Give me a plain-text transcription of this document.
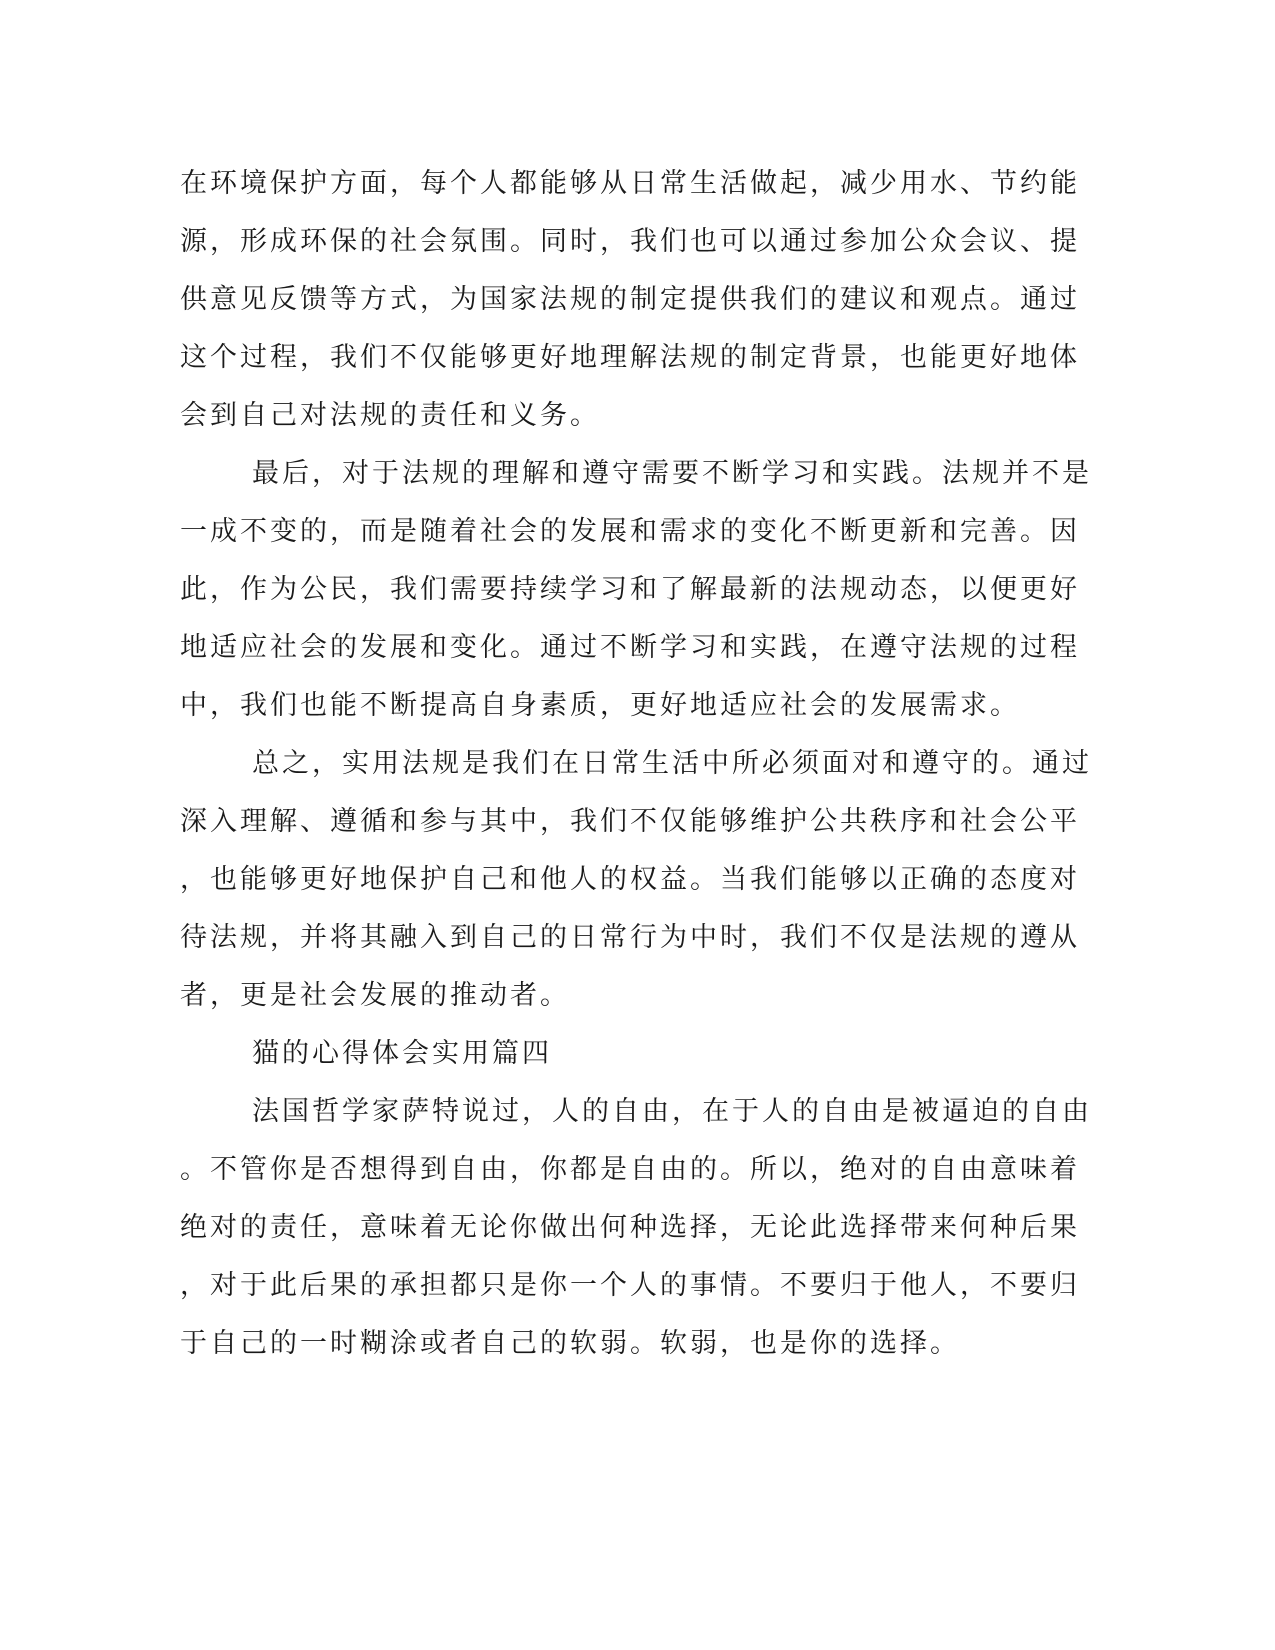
在环境保护方面，每个人都能够从日常生活做起，减少用水、节约能
源，形成环保的社会氛围。同时，我们也可以通过参加公众会议、提
供意见反馈等方式，为国家法规的制定提供我们的建议和观点。通过
这个过程，我们不仅能够更好地理解法规的制定背景，也能更好地体
会到自己对法规的责任和义务。
最后，对于法规的理解和遵守需要不断学习和实践。法规并不是
一成不变的，而是随着社会的发展和需求的变化不断更新和完善。因
此，作为公民，我们需要持续学习和了解最新的法规动态，以便更好
地适应社会的发展和变化。通过不断学习和实践，在遵守法规的过程
中，我们也能不断提高自身素质，更好地适应社会的发展需求。
总之，实用法规是我们在日常生活中所必须面对和遵守的。通过
深入理解、遵循和参与其中，我们不仅能够维护公共秩序和社会公平
，也能够更好地保护自己和他人的权益。当我们能够以正确的态度对
待法规，并将其融入到自己的日常行为中时，我们不仅是法规的遵从
者，更是社会发展的推动者。
猫的心得体会实用篇四
法国哲学家萨特说过，人的自由，在于人的自由是被逼迫的自由
。不管你是否想得到自由，你都是自由的。所以，绝对的自由意味着
绝对的责任，意味着无论你做出何种选择，无论此选择带来何种后果
，对于此后果的承担都只是你一个人的事情。不要归于他人，不要归
于自己的一时糊涂或者自己的软弱。软弱，也是你的选择。
